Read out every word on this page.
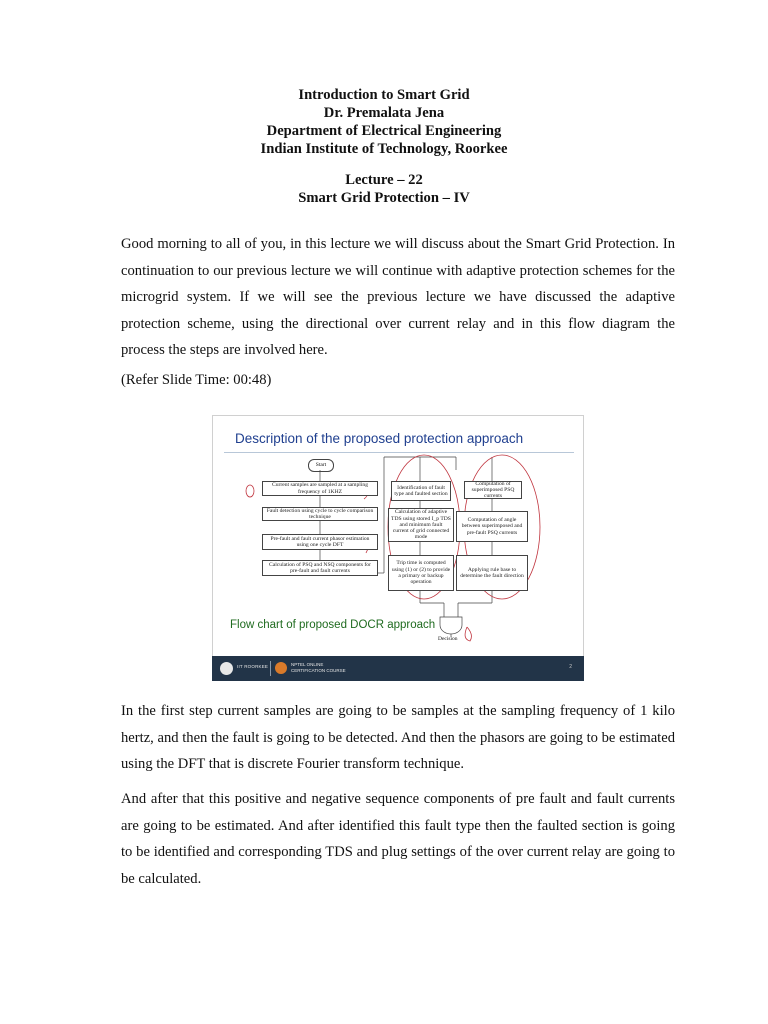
Introduction to Smart Grid
Dr. Premalata Jena
Department of Electrical Engineering
Indian Institute of Technology, Roorkee
Lecture – 22
Smart Grid Protection – IV

Good morning to all of you, in this lecture we will discuss about the Smart Grid Protection. In continuation to our previous lecture we will continue with adaptive protection schemes for the microgrid system. If we will see the previous lecture we have discussed the adaptive protection scheme, using the directional over current relay and in this flow diagram the process the steps are involved here.

(Refer Slide Time: 00:48)

Description of the proposed protection approach
Start
Current samples are sampled at a sampling frequency of 1KHZ
Fault detection using cycle to cycle comparison technique
Pre-fault and fault current phasor estimation using one cycle DFT
Calculation of PSQ and NSQ components for pre-fault and fault currents
Identification of fault type and faulted section
Calculation of adaptive TDS using stored I_p TDS and minimum fault current of grid connected mode
Trip time is computed using (1) or (2) to provide a primary or backup operation
Computation of superimposed PSQ currents
Computation of angle between superimposed and pre-fault PSQ currents
Applying rule base to determine the fault direction
Decision
Flow chart of proposed DOCR approach
IIT ROORKEE	NPTEL ONLINE
CERTIFICATION COURSE
2

In the first step current samples are going to be samples at the sampling frequency of 1 kilo hertz, and then the fault is going to be detected. And then the phasors are going to be estimated using the DFT that is discrete Fourier transform technique.

And after that this positive and negative sequence components of pre fault and fault currents are going to be estimated. And after identified this fault type then the faulted section is going to be identified and corresponding TDS and plug settings of the over current relay are going to be calculated.
